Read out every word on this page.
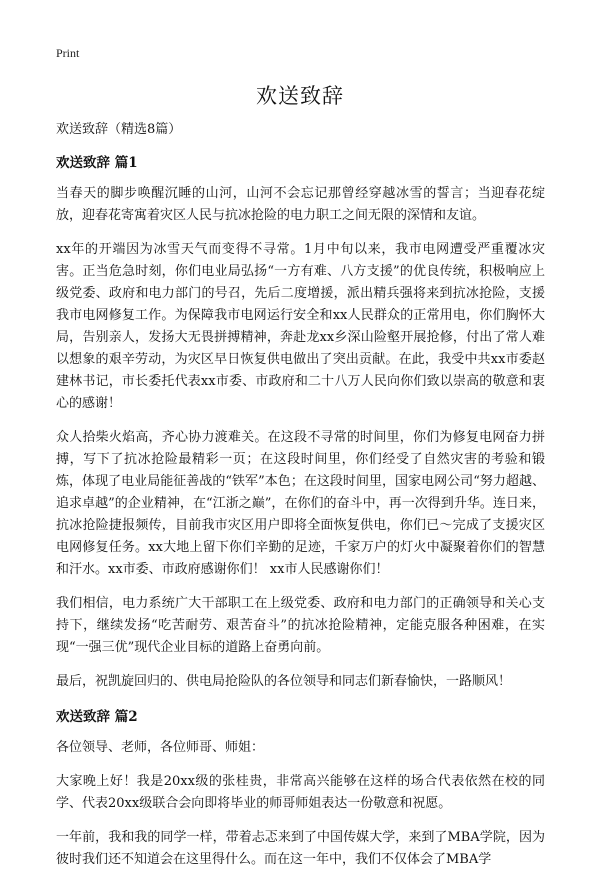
Print
欢送致辞

欢送致辞（精选8篇）

欢送致辞 篇1

当春天的脚步唤醒沉睡的山河，山河不会忘记那曾经穿越冰雪的誓言；当迎春花绽放，迎春花寄寓着灾区人民与抗冰抢险的电力职工之间无限的深情和友谊。

xx年的开端因为冰雪天气而变得不寻常。1月中旬以来，我市电网遭受严重覆冰灾害。正当危急时刻，你们电业局弘扬“一方有难、八方支援”的优良传统，积极响应上级党委、政府和电力部门的号召，先后二度增援，派出精兵强将来到抗冰抢险，支援我市电网修复工作。为保障我市电网运行安全和xx人民群众的正常用电，你们胸怀大局，告别亲人，发扬大无畏拼搏精神，奔赴龙xx乡深山险壑开展抢修，付出了常人难以想象的艰辛劳动，为灾区早日恢复供电做出了突出贡献。在此，我受中共xx市委赵建林书记，市长委托代表xx市委、市政府和二十八万人民向你们致以崇高的敬意和衷心的感谢！

众人拾柴火焰高，齐心协力渡难关。在这段不寻常的时间里，你们为修复电网奋力拼搏，写下了抗冰抢险最精彩一页；在这段时间里，你们经受了自然灾害的考验和锻炼，体现了电业局能征善战的“铁军”本色；在这段时间里，国家电网公司“努力超越、追求卓越”的企业精神，在“江浙之巅”，在你们的奋斗中，再一次得到升华。连日来，抗冰抢险捷报频传，目前我市灾区用户即将全面恢复供电，你们已～完成了支援灾区电网修复任务。xx大地上留下你们辛勤的足迹，千家万户的灯火中凝聚着你们的智慧和汗水。xx市委、市政府感谢你们！ xx市人民感谢你们！

我们相信，电力系统广大干部职工在上级党委、政府和电力部门的正确领导和关心支持下，继续发扬“吃苦耐劳、艰苦奋斗”的抗冰抢险精神，定能克服各种困难，在实现“一强三优”现代企业目标的道路上奋勇向前。

最后，祝凯旋回归的、供电局抢险队的各位领导和同志们新春愉快，一路顺风！

欢送致辞 篇2

各位领导、老师，各位师哥、师姐：

大家晚上好！我是20xx级的张桂贵，非常高兴能够在这样的场合代表依然在校的同学、代表20xx级联合会向即将毕业的师哥师姐表达一份敬意和祝愿。

一年前，我和我的同学一样，带着忐忑来到了中国传媒大学，来到了MBA学院，因为彼时我们还不知道会在这里得什么。而在这一年中，我们不仅体会了MBA学
